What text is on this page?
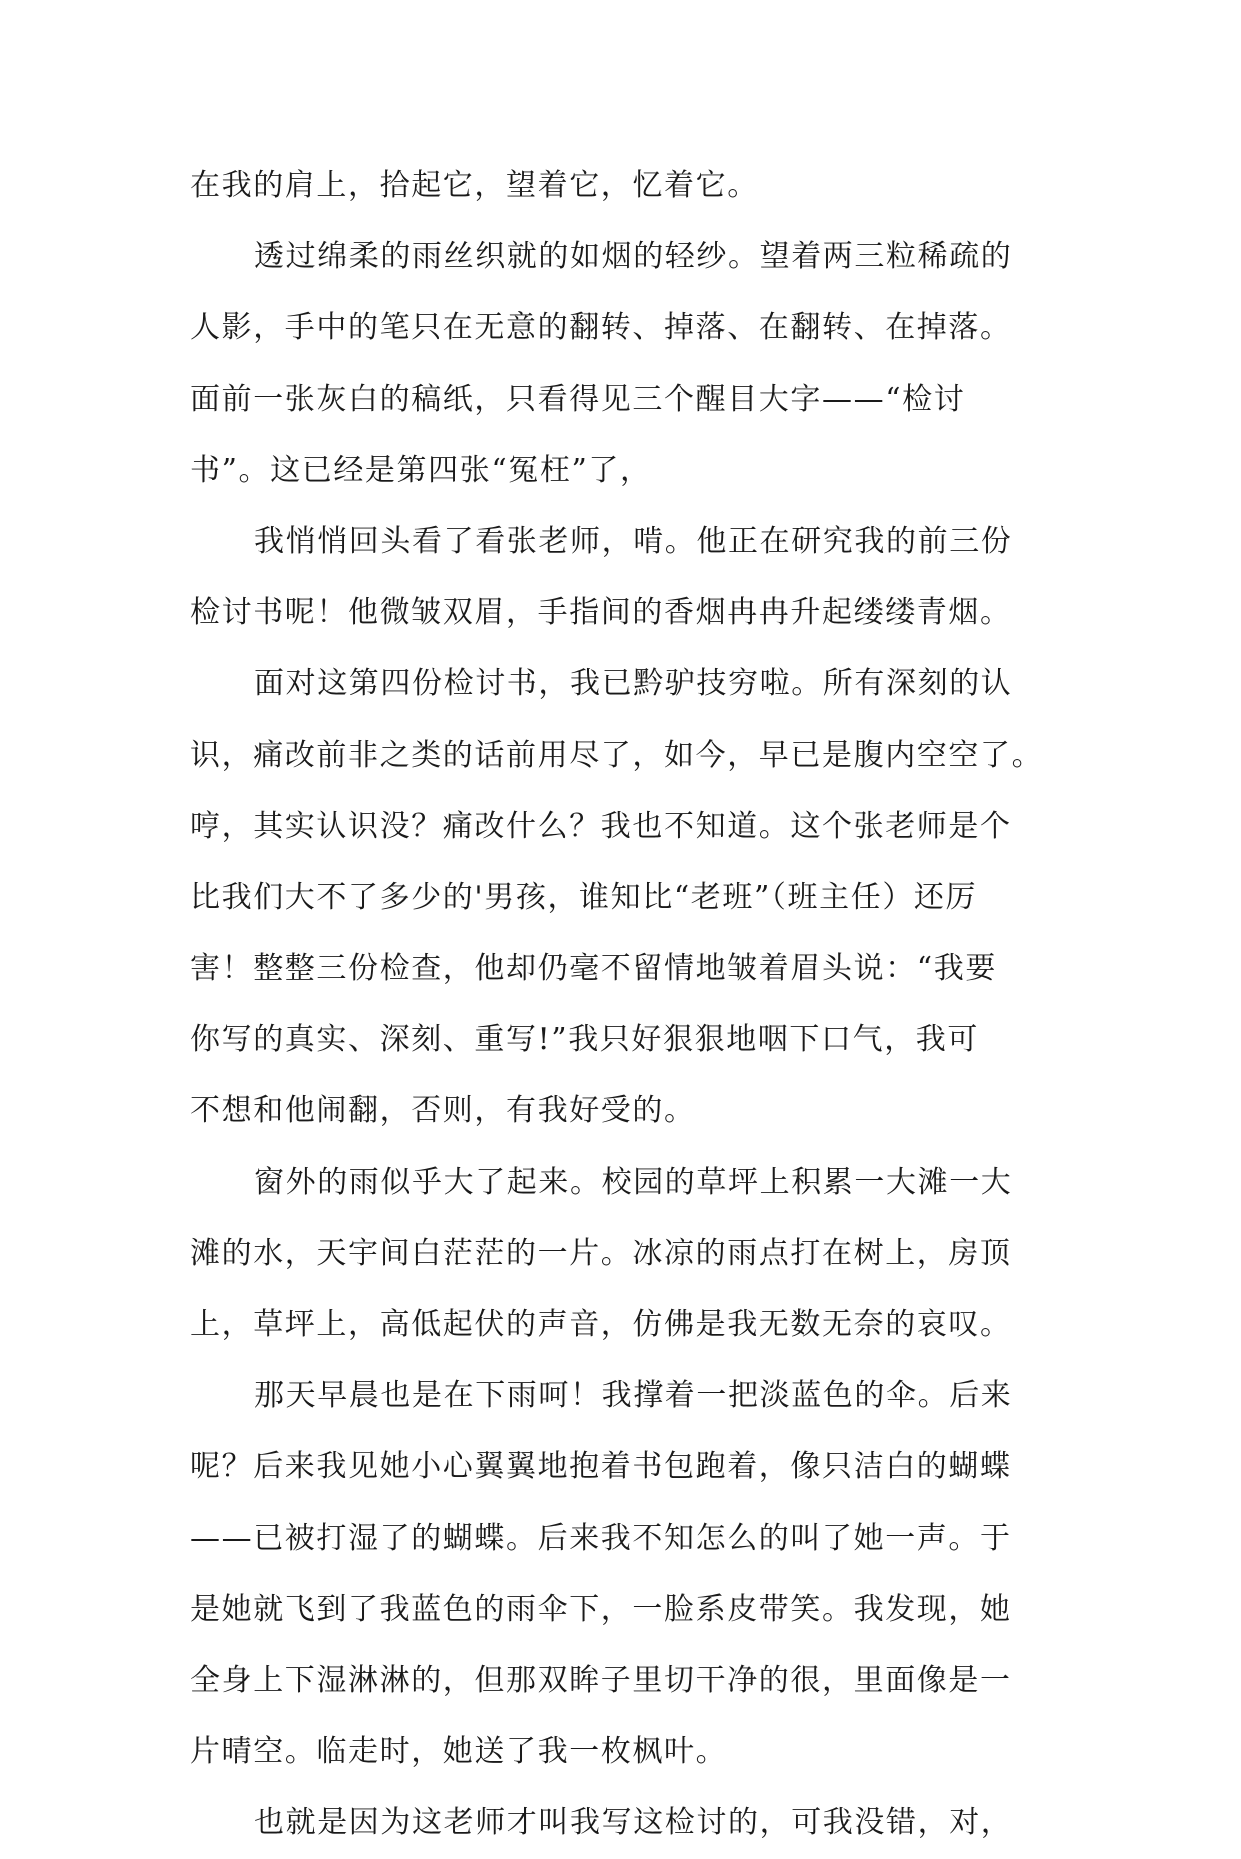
在我的肩上，拾起它，望着它，忆着它。
透过绵柔的雨丝织就的如烟的轻纱。望着两三粒稀疏的
人影，手中的笔只在无意的翻转、掉落、在翻转、在掉落。
面前一张灰白的稿纸，只看得见三个醒目大字——“检讨
书”。这已经是第四张“冤枉”了，
我悄悄回头看了看张老师，啃。他正在研究我的前三份
检讨书呢！他微皱双眉，手指间的香烟冉冉升起缕缕青烟。
面对这第四份检讨书，我已黔驴技穷啦。所有深刻的认
识，痛改前非之类的话前用尽了，如今，早已是腹内空空了。
哼，其实认识没？痛改什么？我也不知道。这个张老师是个
比我们大不了多少的'男孩，谁知比“老班”（班主任）还厉
害！整整三份检查，他却仍毫不留情地皱着眉头说：“我要
你写的真实、深刻、重写!”我只好狠狠地咽下口气，我可
不想和他闹翻，否则，有我好受的。
窗外的雨似乎大了起来。校园的草坪上积累一大滩一大
滩的水，天宇间白茫茫的一片。冰凉的雨点打在树上，房顶
上，草坪上，高低起伏的声音，仿佛是我无数无奈的哀叹。
那天早晨也是在下雨呵！我撑着一把淡蓝色的伞。后来
呢？后来我见她小心翼翼地抱着书包跑着，像只洁白的蝴蝶
——已被打湿了的蝴蝶。后来我不知怎么的叫了她一声。于
是她就飞到了我蓝色的雨伞下，一脸系皮带笑。我发现，她
全身上下湿淋淋的，但那双眸子里切干净的很，里面像是一
片晴空。临走时，她送了我一枚枫叶。
也就是因为这老师才叫我写这检讨的，可我没错，对，
